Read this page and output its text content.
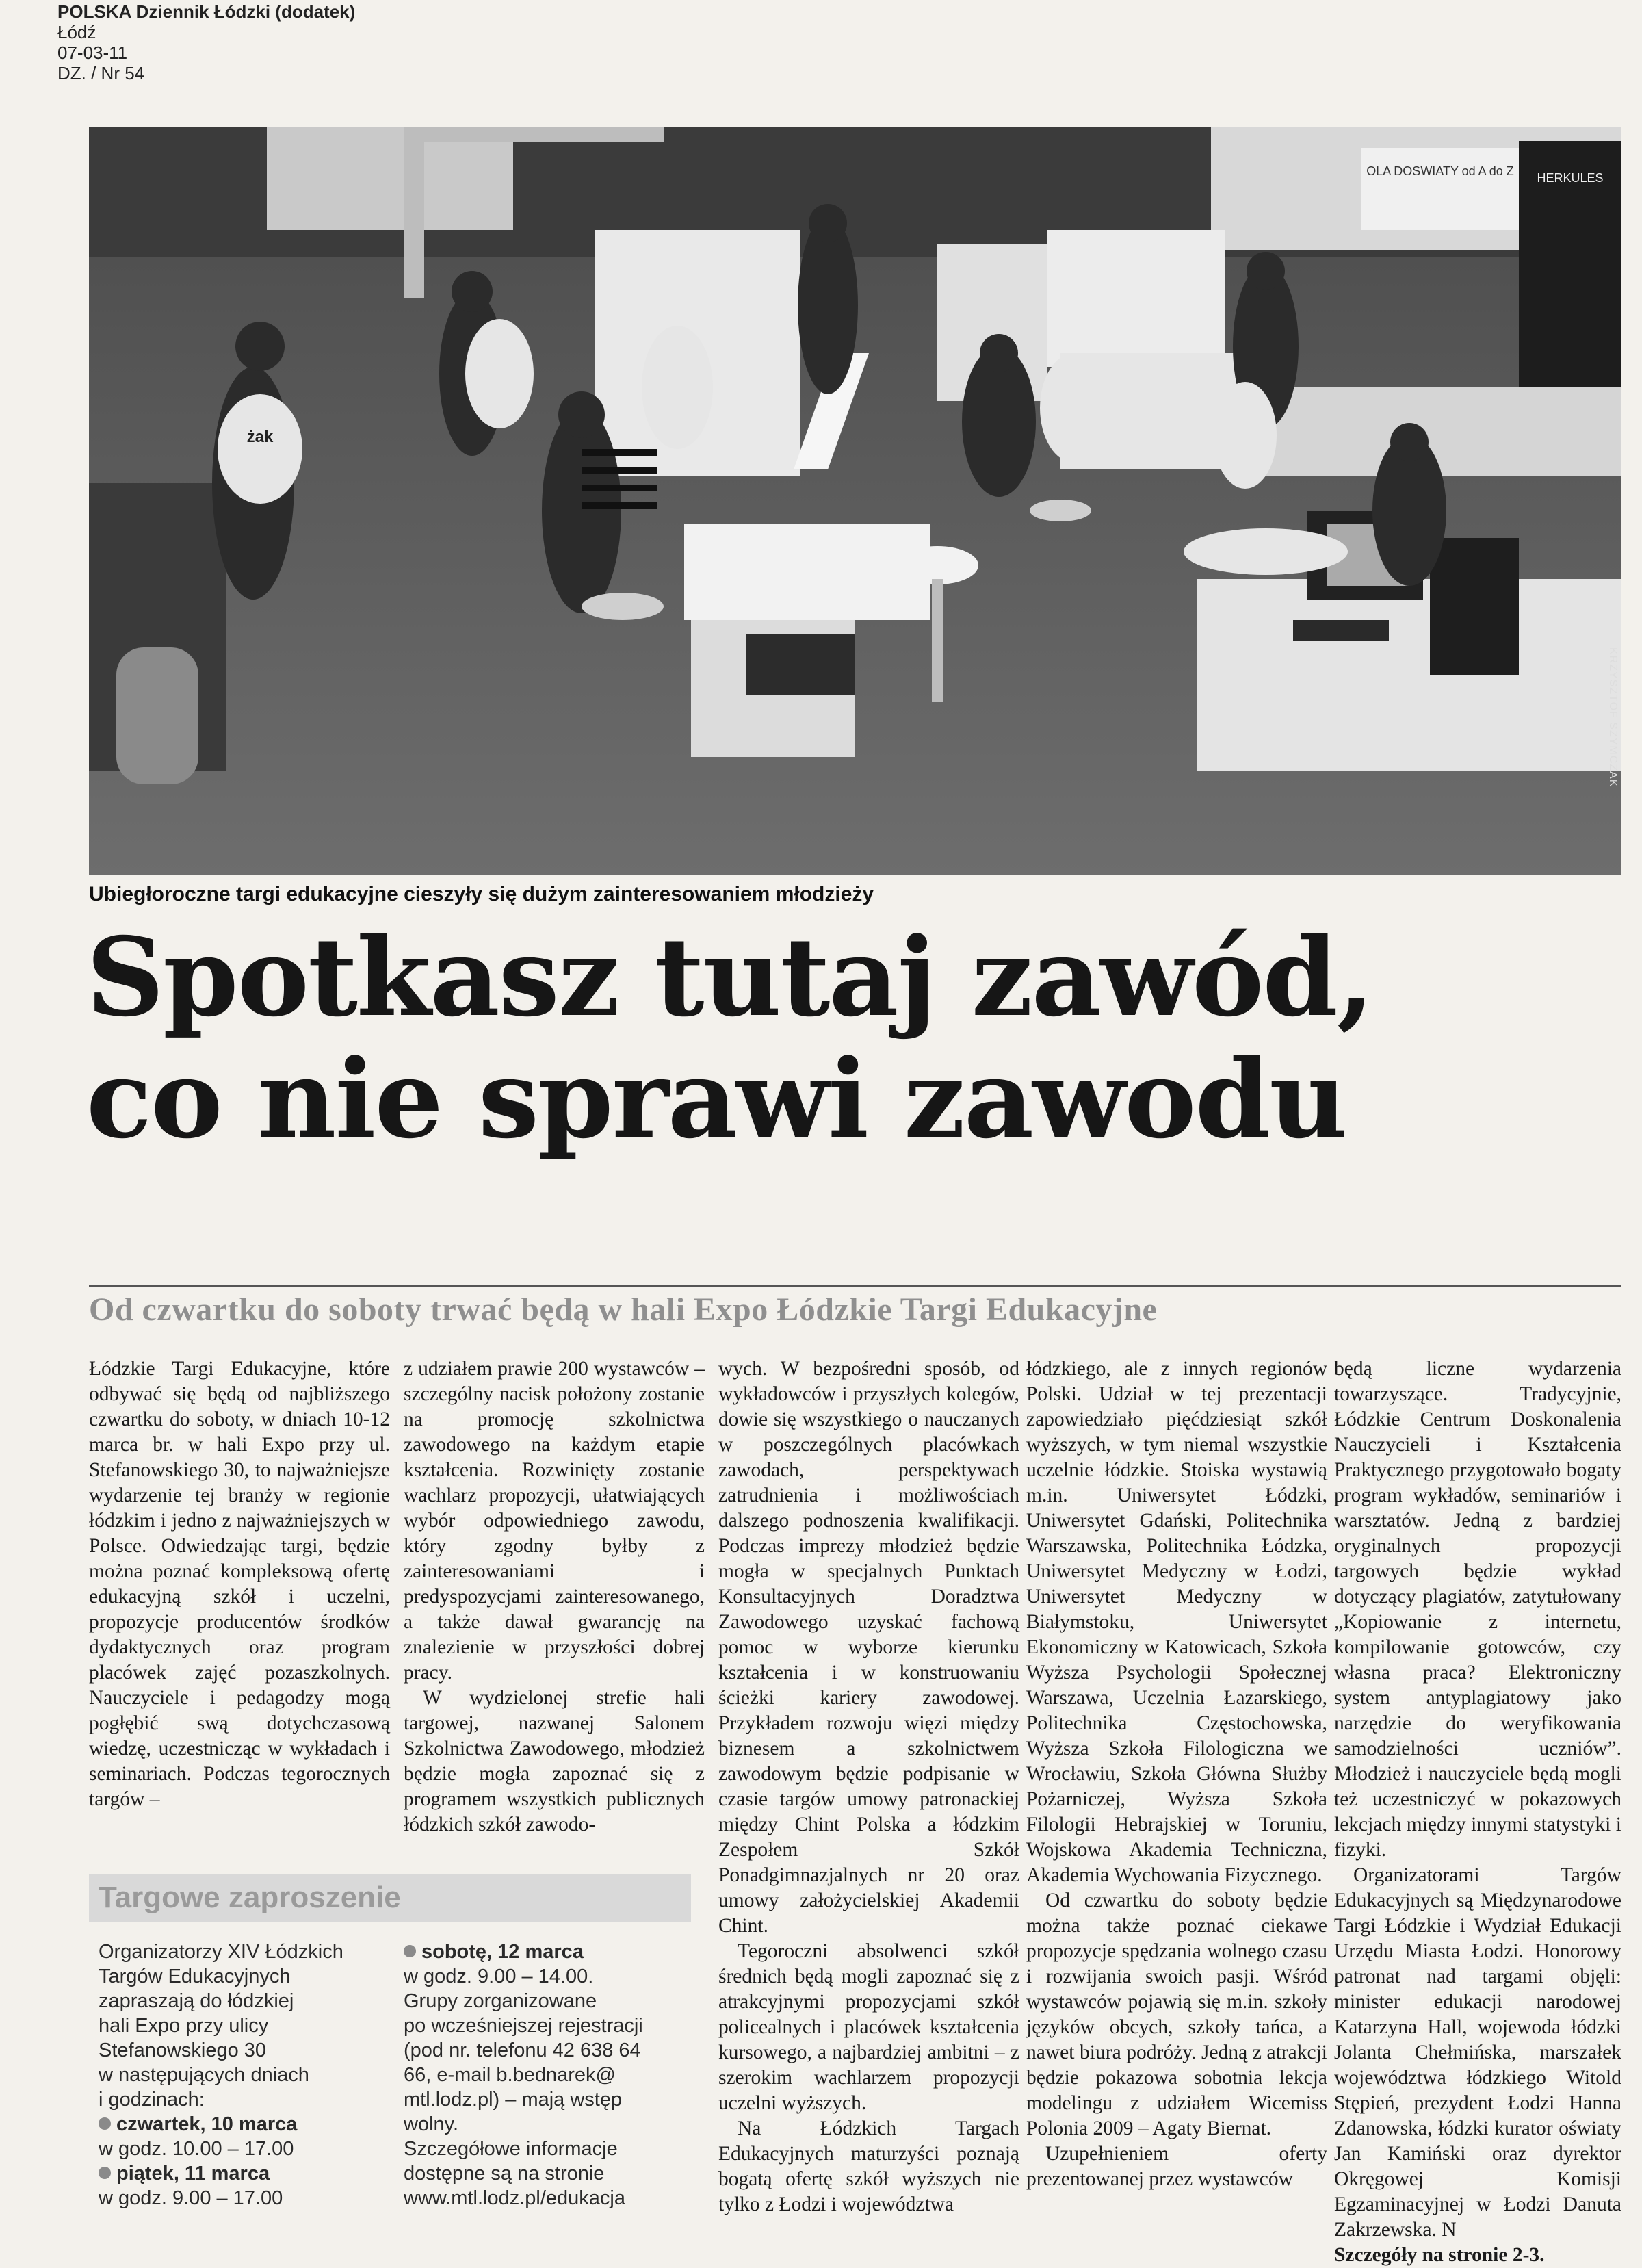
POLSKA Dziennik Łódzki (dodatek)
Łódź
07-03-11
DZ. / Nr 54
OLA DOSWIATY od A do Z HERKULES
żak
KRZYSZTOF SZYMCZAK
Ubiegłoroczne targi edukacyjne cieszyły się dużym zainteresowaniem młodzieży
Spotkasz tutaj zawód,
co nie sprawi zawodu
Od czwartku do soboty trwać będą w hali Expo Łódzkie Targi Edukacyjne

Łódzkie Targi Edukacyjne, które odbywać się będą od najbliższego czwartku do soboty, w dniach 10-12 marca br. w hali Expo przy ul. Stefanowskiego 30, to najważniejsze wydarzenie tej branży w regionie łódzkim i jedno z najważniejszych w Polsce. Odwiedzając targi, będzie można poznać kompleksową ofertę edukacyjną szkół i uczelni, propozycje producentów środków dydaktycznych oraz program placówek zajęć pozaszkolnych. Nauczyciele i pedagodzy mogą pogłębić swą dotychczasową wiedzę, uczestnicząc w wykładach i seminariach. Podczas tegorocznych targów –

z udziałem prawie 200 wystawców – szczególny nacisk położony zostanie na promocję szkolnictwa zawodowego na każdym etapie kształcenia. Rozwinięty zostanie wachlarz propozycji, ułatwiających wybór odpowiedniego zawodu, który zgodny byłby z zainteresowaniami i predyspozycjami zainteresowanego, a także dawał gwarancję na znalezienie w przyszłości dobrej pracy.

W wydzielonej strefie hali targowej, nazwanej Salonem Szkolnictwa Zawodowego, młodzież będzie mogła zapoznać się z programem wszystkich publicznych łódzkich szkół zawodo-

wych. W bezpośredni sposób, od wykładowców i przyszłych kolegów, dowie się wszystkiego o nauczanych w poszczególnych placówkach zawodach, perspektywach zatrudnienia i możliwościach dalszego podnoszenia kwalifikacji. Podczas imprezy młodzież będzie mogła w specjalnych Punktach Konsultacyjnych Doradztwa Zawodowego uzyskać fachową pomoc w wyborze kierunku kształcenia i w konstruowaniu ścieżki kariery zawodowej. Przykładem rozwoju więzi między biznesem a szkolnictwem zawodowym będzie podpisanie w czasie targów umowy patronackiej między Chint Polska a łódzkim Zespołem Szkół Ponadgimnazjalnych nr 20 oraz umowy założycielskiej Akademii Chint.

Tegoroczni absolwenci szkół średnich będą mogli zapoznać się z atrakcyjnymi propozycjami szkół policealnych i placówek kształcenia kursowego, a najbardziej ambitni – z szerokim wachlarzem propozycji uczelni wyższych.

Na Łódzkich Targach Edukacyjnych maturzyści poznają bogatą ofertę szkół wyższych nie tylko z Łodzi i województwa

łódzkiego, ale z innych regionów Polski. Udział w tej prezentacji zapowiedziało pięćdziesiąt szkół wyższych, w tym niemal wszystkie uczelnie łódzkie. Stoiska wystawią m.in. Uniwersytet Łódzki, Uniwersytet Gdański, Politechnika Warszawska, Politechnika Łódzka, Uniwersytet Medyczny w Łodzi, Uniwersytet Medyczny w Białymstoku, Uniwersytet Ekonomiczny w Katowicach, Szkoła Wyższa Psychologii Społecznej Warszawa, Uczelnia Łazarskiego, Politechnika Częstochowska, Wyższa Szkoła Filologiczna we Wrocławiu, Szkoła Główna Służby Pożarniczej, Wyższa Szkoła Filologii Hebrajskiej w Toruniu, Wojskowa Akademia Techniczna, Akademia Wychowania Fizycznego.

Od czwartku do soboty będzie można także poznać ciekawe propozycje spędzania wolnego czasu i rozwijania swoich pasji. Wśród wystawców pojawią się m.in. szkoły języków obcych, szkoły tańca, a nawet biura podróży. Jedną z atrakcji będzie pokazowa sobotnia lekcja modelingu z udziałem Wicemiss Polonia 2009 – Agaty Biernat.

Uzupełnieniem oferty prezentowanej przez wystawców

będą liczne wydarzenia towarzyszące. Tradycyjnie, Łódzkie Centrum Doskonalenia Nauczycieli i Kształcenia Praktycznego przygotowało bogaty program wykładów, seminariów i warsztatów. Jedną z bardziej oryginalnych propozycji targowych będzie wykład dotyczący plagiatów, zatytułowany „Kopiowanie z internetu, kompilowanie gotowców, czy własna praca? Elektroniczny system antyplagiatowy jako narzędzie do weryfikowania samodzielności uczniów”. Młodzież i nauczyciele będą mogli też uczestniczyć w pokazowych lekcjach między innymi statystyki i fizyki.

Organizatorami Targów Edukacyjnych są Międzynarodowe Targi Łódzkie i Wydział Edukacji Urzędu Miasta Łodzi. Honorowy patronat nad targami objęli: minister edukacji narodowej Katarzyna Hall, wojewoda łódzki Jolanta Chełmińska, marszałek województwa łódzkiego Witold Stępień, prezydent Łodzi Hanna Zdanowska, łódzki kurator oświaty Jan Kamiński oraz dyrektor Okręgowej Komisji Egzaminacyjnej w Łodzi Danuta Zakrzewska. N

Szczegóły na stronie 2-3.

Targowe zaproszenie
Organizatorzy XIV Łódzkich
Targów Edukacyjnych
zapraszają do łódzkiej
hali Expo przy ulicy
Stefanowskiego 30
w następujących dniach
i godzinach:
czwartek, 10 marca
w godz. 10.00 – 17.00
piątek, 11 marca
w godz. 9.00 – 17.00
sobotę, 12 marca
w godz. 9.00 – 14.00.
Grupy zorganizowane
po wcześniejszej rejestracji
(pod nr. telefonu 42 638 64
66, e-mail b.bednarek@
mtl.lodz.pl) – mają wstęp
wolny.
Szczegółowe informacje
dostępne są na stronie
www.mtl.lodz.pl/edukacja
